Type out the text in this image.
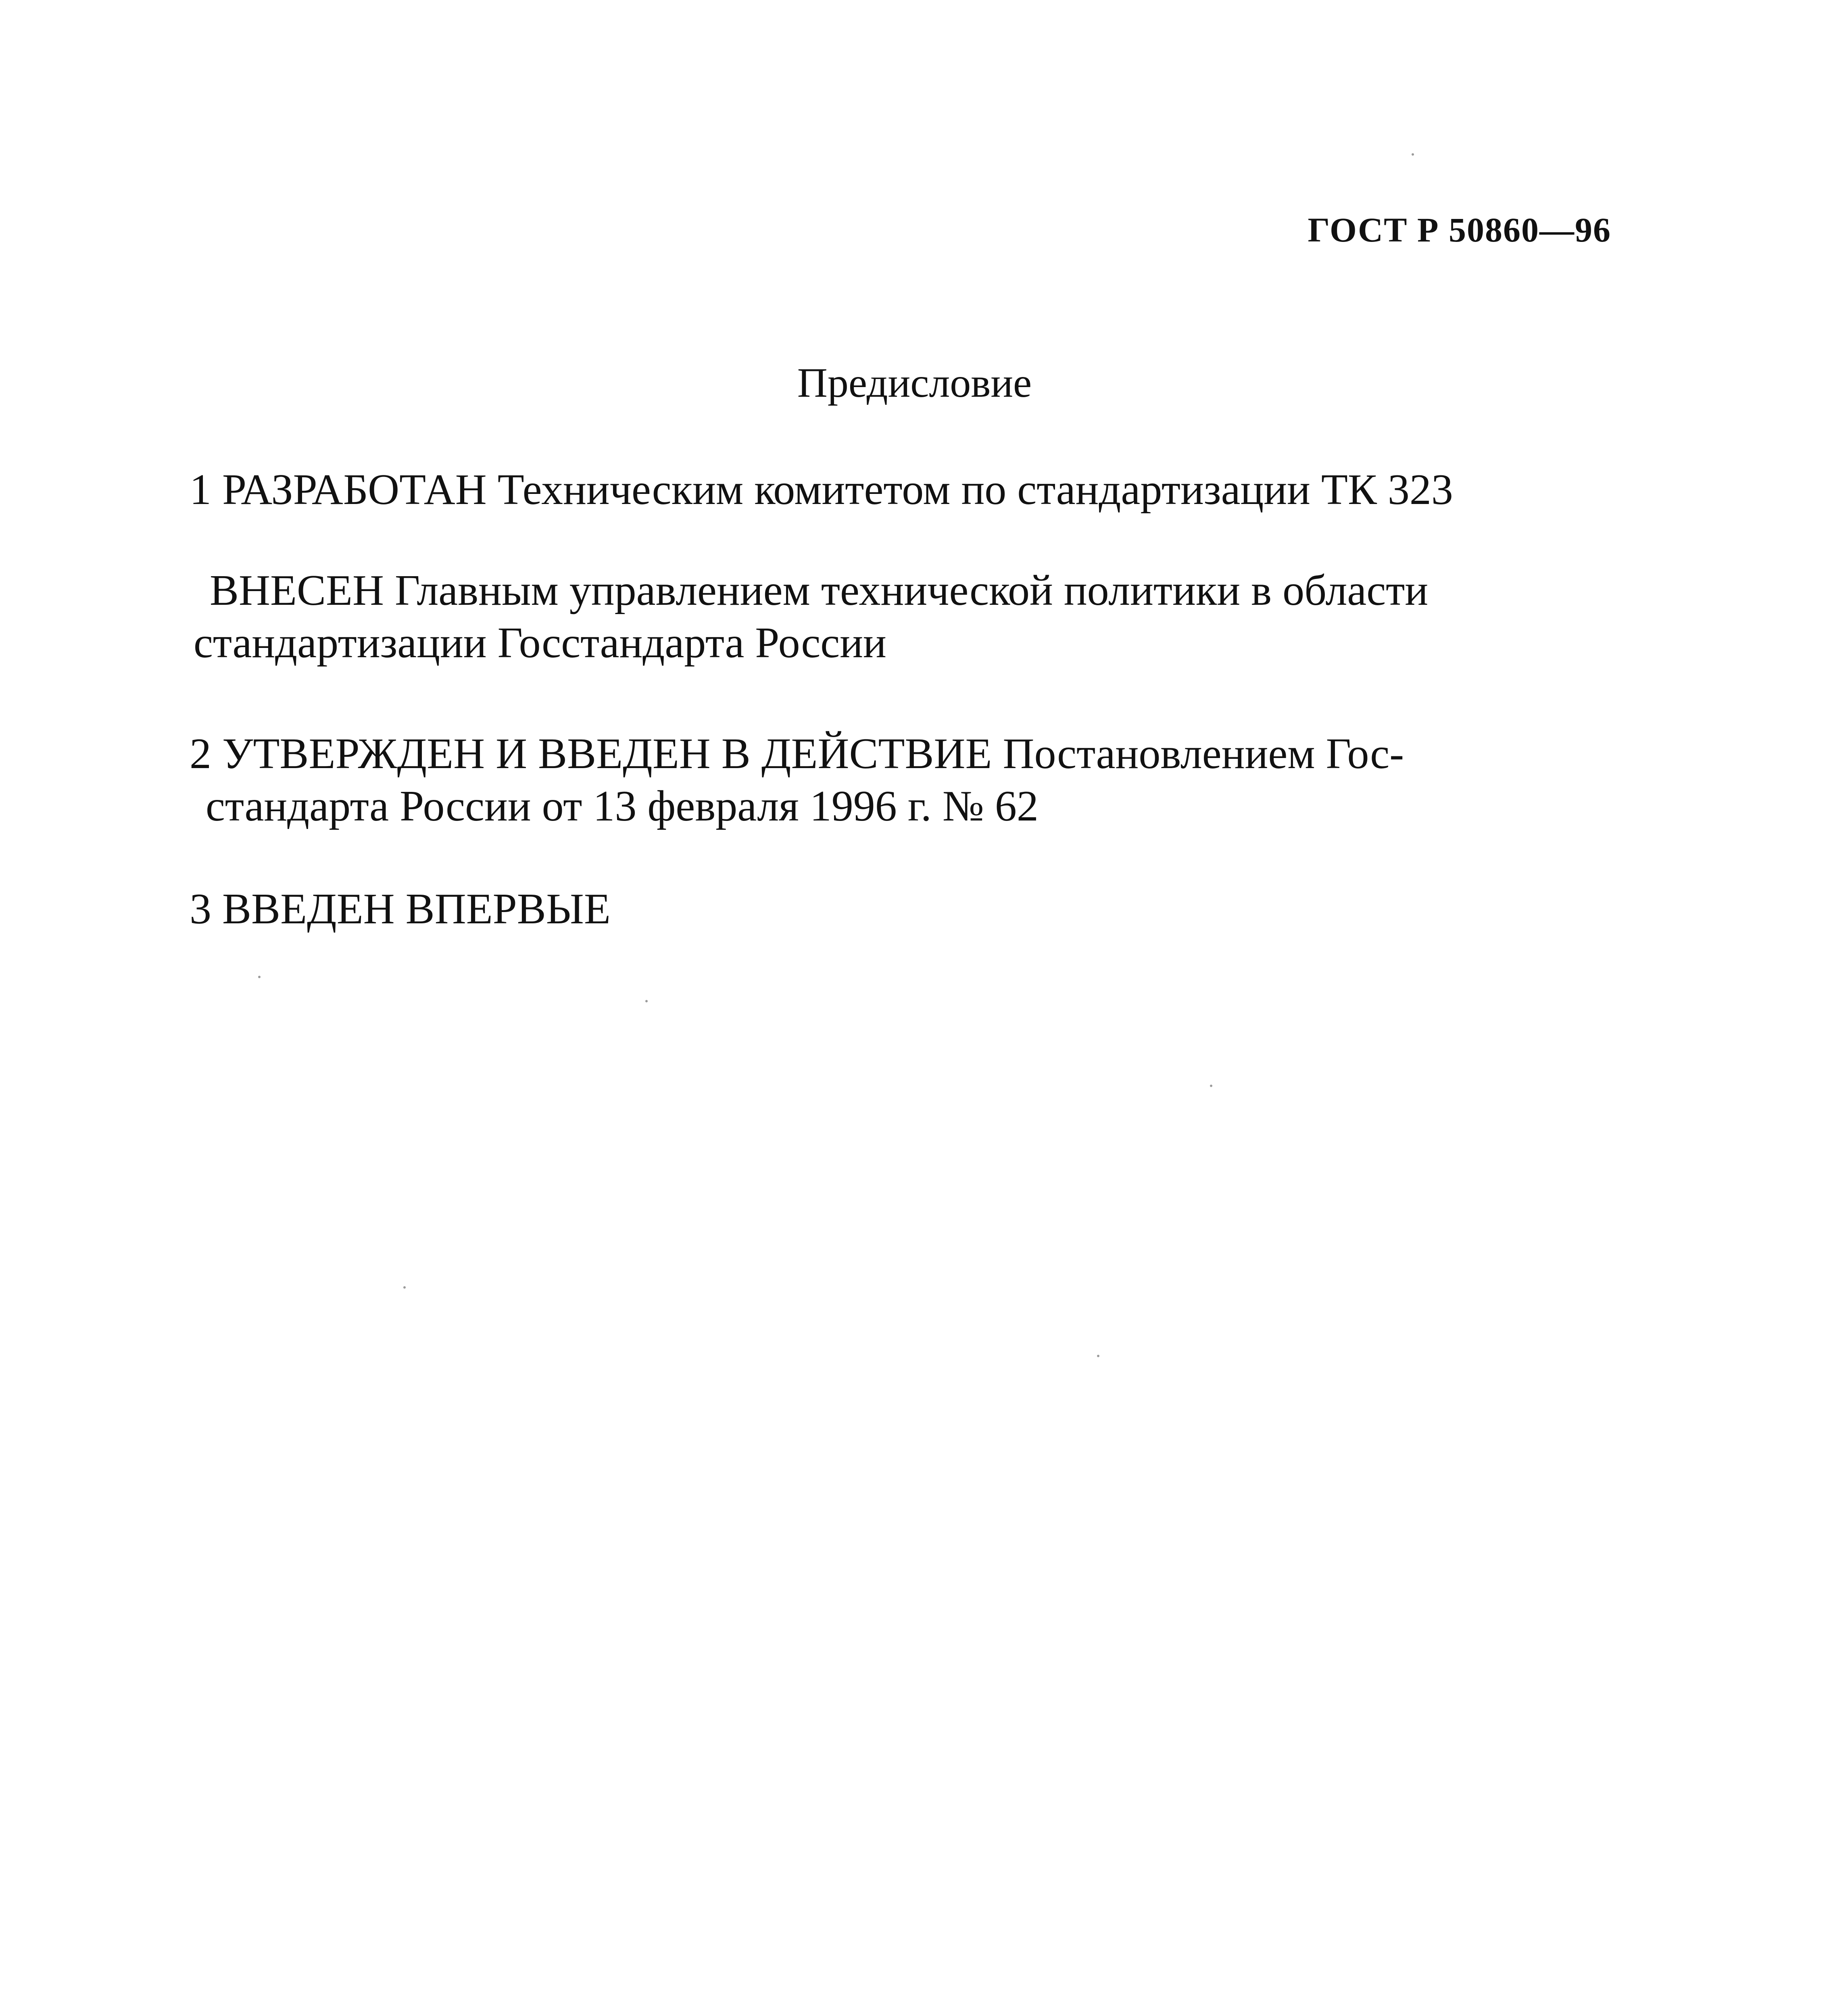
ГОСТ Р 50860—96
Предисловие
1 РАЗРАБОТАН Техническим комитетом по стандартизации ТК 323
ВНЕСЕН Главным управлением технической политики в области
стандартизации Госстандарта России
2 УТВЕРЖДЕН И ВВЕДЕН В ДЕЙСТВИЕ Постановлением Гос-
стандарта России от 13 февраля 1996 г. № 62
3 ВВЕДЕН ВПЕРВЫЕ
